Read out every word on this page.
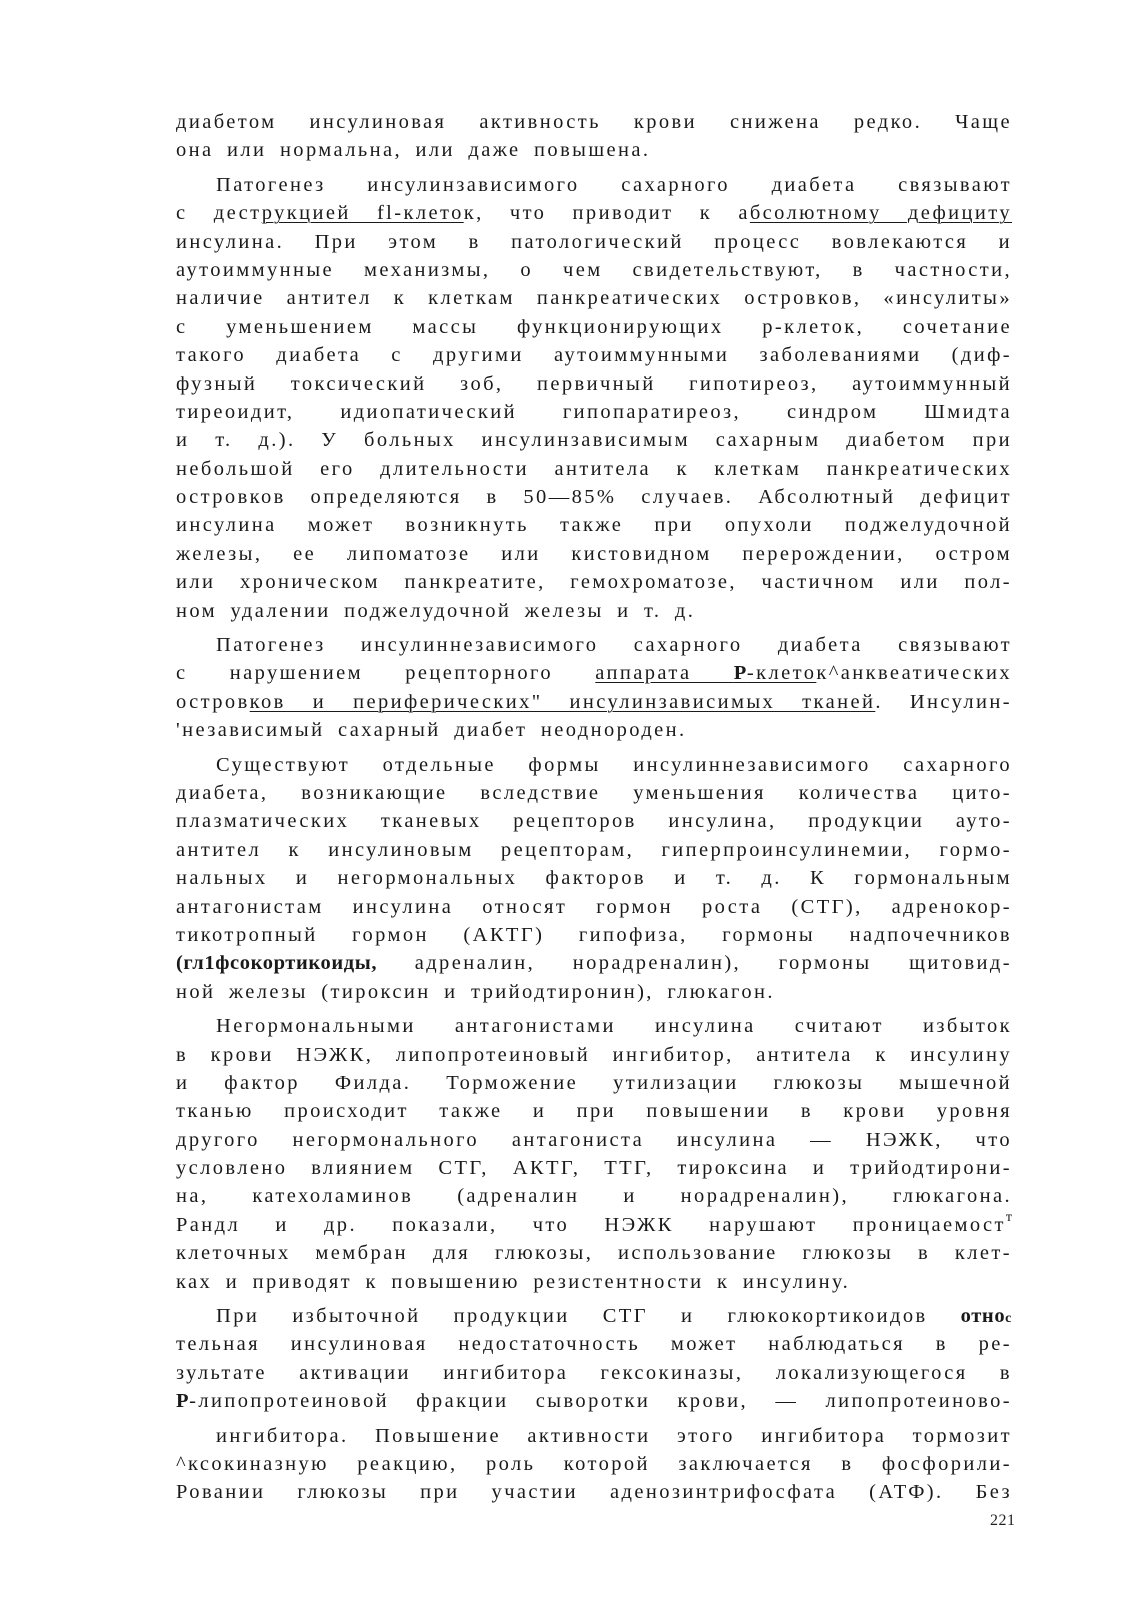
диабетом инсулиновая активность крови снижена редко. Чаще
она или нормальна, или даже повышена.
Патогенез инсулинзависимого сахарного диабета связывают
с деструкцией fl-клеток, что приводит к абсолютному дефициту
инсулина. При этом в патологический процесс вовлекаются и
аутоиммунные механизмы, о чем свидетельствуют, в частности,
наличие антител к клеткам панкреатических островков, «инсулиты»
с уменьшением массы функционирующих р-клеток, сочетание
такого диабета с другими аутоиммунными заболеваниями (диф-
фузный токсический зоб, первичный гипотиреоз, аутоиммунный
тиреоидит, идиопатический гипопаратиреоз, синдром Шмидта
и т. д.). У больных инсулинзависимым сахарным диабетом при
небольшой его длительности антитела к клеткам панкреатических
островков определяются в 50—85% случаев. Абсолютный дефицит
инсулина может возникнуть также при опухоли поджелудочной
железы, ее липоматозе или кистовидном перерождении, остром
или хроническом панкреатите, гемохроматозе, частичном или пол-
ном удалении поджелудочной железы и т. д.
Патогенез инсулиннезависимого сахарного диабета связывают
с нарушением рецепторного аппарата Р-клеток^анквеатических
островков и периферических" инсулинзависимых тканей. Инсулин-
'независимый сахарный диабет неоднороден.
Существуют отдельные формы инсулиннезависимого сахарного
диабета, возникающие вследствие уменьшения количества цито-
плазматических тканевых рецепторов инсулина, продукции ауто-
антител к инсулиновым рецепторам, гиперпроинсулинемии, гормо-
нальных и негормональных факторов и т. д. К гормональным
антагонистам инсулина относят гормон роста (СТГ), адренокор-
тикотропный гормон (АКТГ) гипофиза, гормоны надпочечников
(гл1фсокортикоиды, адреналин, норадреналин), гормоны щитовид-
ной железы (тироксин и трийодтиронин), глюкагон.
Негормональными антагонистами инсулина считают избыток
в крови НЭЖК, липопротеиновый ингибитор, антитела к инсулину
и фактор Филда. Торможение утилизации глюкозы мышечной
тканью происходит также и при повышении в крови уровня
другого негормонального антагониста инсулина — НЭЖК, что
условлено влиянием СТГ, АКТГ, ТТГ, тироксина и трийодтирони-
на, катехоламинов (адреналин и норадреналин), глюкагона.
Рандл и др. показали, что НЭЖК нарушают проницаемост$^т$
клеточных мембран для глюкозы, использование глюкозы в клет-
ках и приводят к повышению резистентности к инсулину.
При избыточной продукции СТГ и глюкокортикоидов относ
тельная инсулиновая недостаточность может наблюдаться в ре-
зультате активации ингибитора гексокиназы, локализующегося в
Р-липопротеиновой фракции сыворотки крови, — липопротеиново-
ингибитора. Повышение активности этого ингибитора тормозит
^ксокиназную реакцию, роль которой заключается в фосфорили-
Ровании глюкозы при участии аденозинтрифосфата (АТФ). Без
221
